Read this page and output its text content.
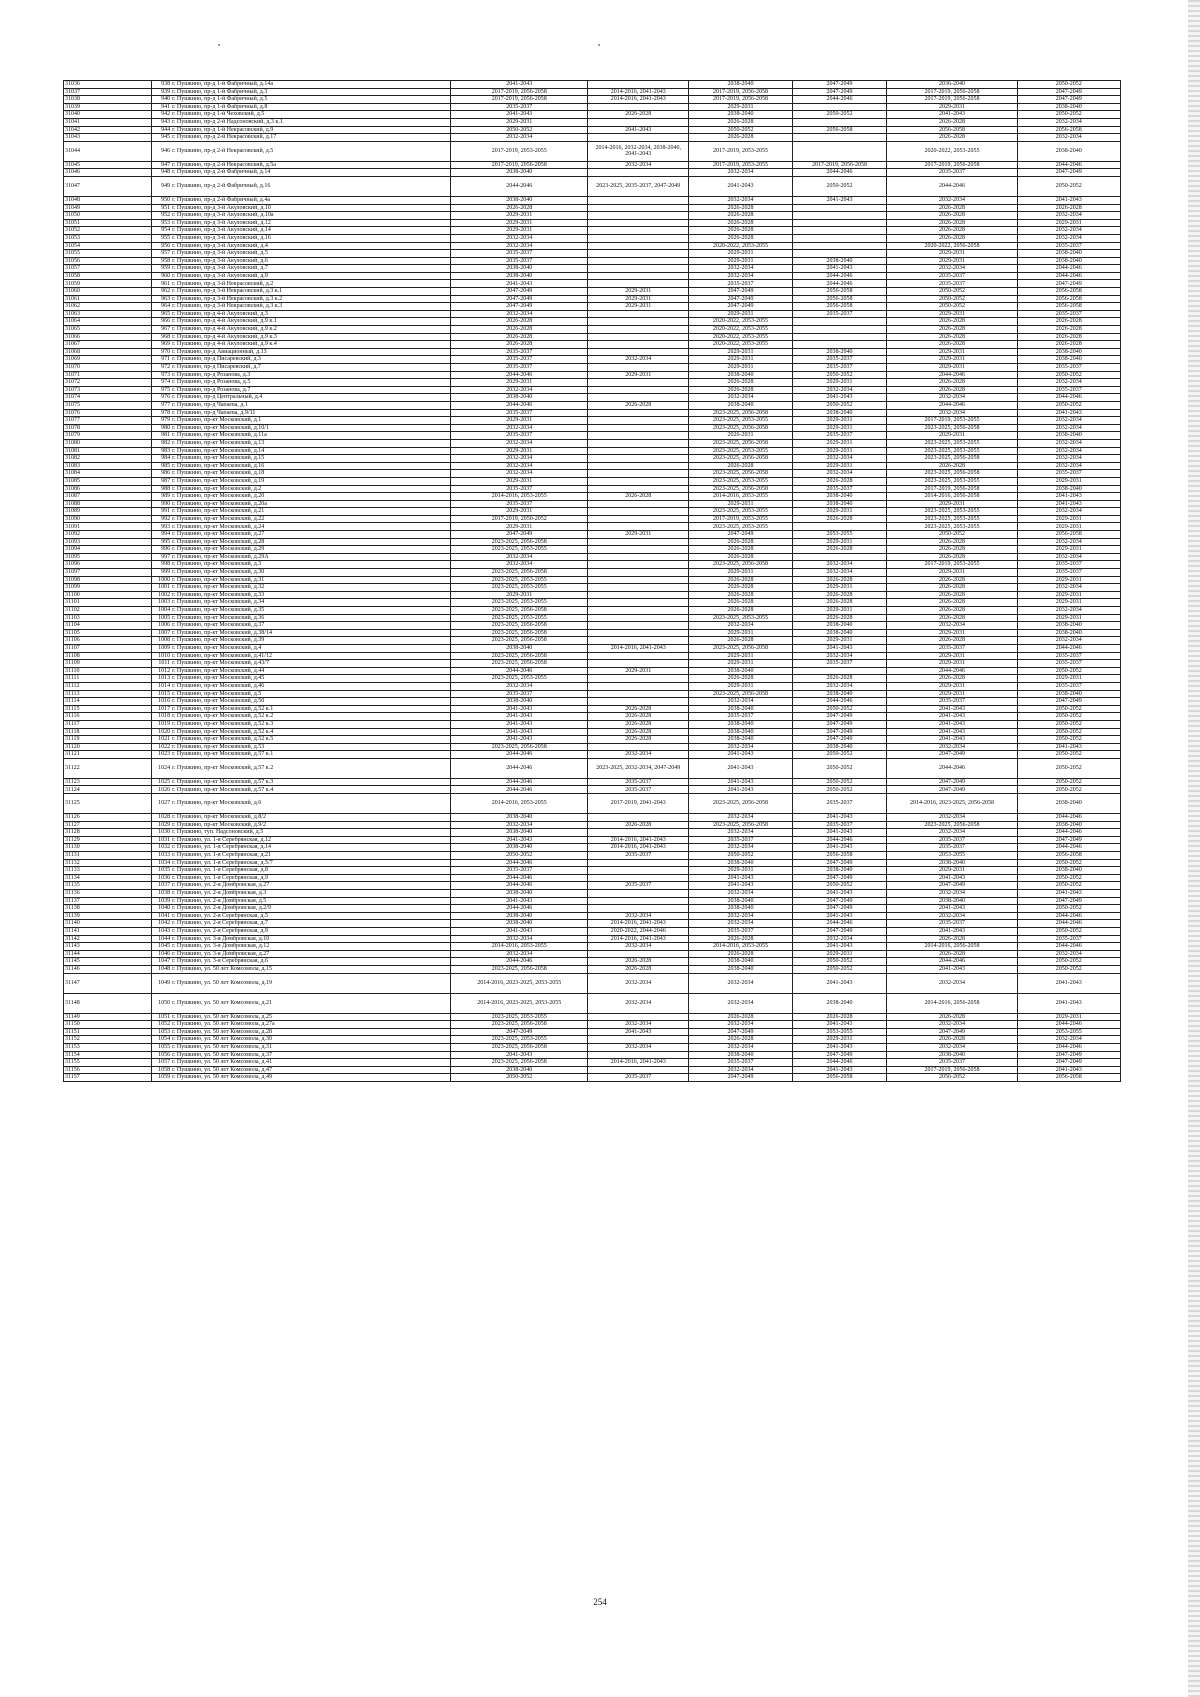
31036	938	г. Пушкино, пр-д 1-й Фабричный, д.14а	2041-2043		2038-2040	2047-2049	2036-2040	2050-2052
31037	939	г. Пушкино, пр-д 1-й Фабричный, д.3	2017-2019, 2056-2058	2014-2016, 2041-2043	2017-2019, 2056-2058	2047-2049	2017-2019, 2056-2058	2047-2049
31038	940	г. Пушкино, пр-д 1-й Фабричный, д.5	2017-2019, 2056-2058	2014-2016, 2041-2043	2017-2019, 2056-2058	2044-2046	2017-2019, 2056-2058	2047-2049
31039	941	г. Пушкино, пр-д 1-й Фабричный, д.8	2035-2037		2029-2031		2029-2031	2038-2040
31040	942	г. Пушкино, пр-д 1-й Чеховский, д.5	2041-2043	2026-2028	2038-2040	2050-2052	2041-2043	2050-2052
31041	943	г. Пушкино, пр-д 2-й Надсоновский, д.3 к.1	2029-2031		2026-2028		2026-2028	2032-2034
31042	944	г. Пушкино, пр-д 1-й Некрасовский, д.9	2050-2052	2041-2043	2050-2052	2056-2058	2056-2058	2056-2058
31043	945	г. Пушкино, пр-д 2-й Некрасовский, д.17	2032-2034		2026-2028		2026-2028	2032-2034
31044	946	г. Пушкино, пр-д 2-й Некрасовский, д.5	2017-2019, 2053-2055	2014-2016, 2032-2034, 2038-2040, 2041-2043	2017-2019, 2053-2055		2020-2022, 2053-2055	2038-2040
31045	947	г. Пушкино, пр-д 2-й Некрасовский, д.5а	2017-2019, 2056-2058	2032-2034	2017-2019, 2053-2055	2017-2019, 2056-2058	2017-2019, 2056-2058	2044-2046
31046	948	г. Пушкино, пр-д 2-й Фабричный, д.14	2038-2040		2032-2034	2044-2046	2035-2037	2047-2049
31047	949	г. Пушкино, пр-д 2-й Фабричный, д.16	2044-2046	2023-2025, 2035-2037, 2047-2049	2041-2043	2050-2052	2044-2046	2050-2052
31048	950	г. Пушкино, пр-д 2-й Фабричный, д.4а	2038-2040		2032-2034	2041-2043	2032-2034	2041-2043
31049	951	г. Пушкино, пр-д 3-й Акуловский, д.10	2026-2028		2026-2028		2026-2028	2026-2028
31050	952	г. Пушкино, пр-д 3-й Акуловский, д.10а	2029-2031		2026-2028		2026-2028	2032-2034
31051	953	г. Пушкино, пр-д 3-й Акуловский, д.12	2029-2031		2026-2028		2026-2028	2029-2031
31052	954	г. Пушкино, пр-д 3-й Акуловский, д.14	2029-2031		2026-2028		2026-2028	2032-2034
31053	955	г. Пушкино, пр-д 3-й Акуловский, д.16	2032-2034		2026-2028		2026-2028	2032-2034
31054	956	г. Пушкино, пр-д 3-й Акуловский, д.4	2032-2034		2020-2022, 2053-2055		2020-2022, 2056-2058	2035-2037
31055	957	г. Пушкино, пр-д 3-й Акуловский, д.5	2035-2037		2029-2031		2029-2031	2038-2040
31056	958	г. Пушкино, пр-д 3-й Акуловский, д.6	2035-2037		2029-2031	2038-2040	2029-2031	2038-2040
31057	959	г. Пушкино, пр-д 3-й Акуловский, д.7	2038-2040		2032-2034	2041-2043	2032-2034	2044-2046
31058	960	г. Пушкино, пр-д 3-й Акуловский, д.9	2038-2040		2032-2034	2044-2046	2035-2037	2044-2046
31059	961	г. Пушкино, пр-д 3-й Некрасовский, д.2	2041-2043		2035-2037	2044-2046	2035-2037	2047-2049
31060	962	г. Пушкино, пр-д 3-й Некрасовский, д.3 к.1	2047-2049	2029-2031	2047-2049	2056-2058	2050-2052	2056-2058
31061	963	г. Пушкино, пр-д 3-й Некрасовский, д.3 к.2	2047-2049	2029-2031	2047-2049	2056-2058	2050-2052	2056-2058
31062	964	г. Пушкино, пр-д 3-й Некрасовский, д.3 к.3	2047-2049	2029-2031	2047-2049	2056-2058	2050-2052	2056-2058
31063	965	г. Пушкино, пр-д 4-й Акуловский, д.3	2032-2034		2029-2031	2035-2037	2029-2031	2035-2037
31064	966	г. Пушкино, пр-д 4-й Акуловский, д.9 к.1	2026-2028		2020-2022, 2053-2055		2026-2028	2026-2028
31065	967	г. Пушкино, пр-д 4-й Акуловский, д.9 к.2	2026-2028		2020-2022, 2053-2055		2026-2028	2026-2028
31066	968	г. Пушкино, пр-д 4-й Акуловский, д.9 к.3	2026-2028		2020-2022, 2053-2055		2026-2028	2026-2028
31067	969	г. Пушкино, пр-д 4-й Акуловский, д.9 к.4	2026-2028		2020-2022, 2053-2055		2026-2028	2026-2028
31068	970	г. Пушкино, пр-д Авиационный, д.13	2035-2037		2029-2031	2038-2040	2029-2031	2038-2040
31069	971	г. Пушкино, пр-д Писаревский, д.3	2035-2037	2032-2034	2029-2031	2035-2037	2029-2031	2038-2040
31070	972	г. Пушкино, пр-д Писаревский, д.7	2035-2037		2029-2031	2035-2037	2029-2031	2035-2037
31071	973	г. Пушкино, пр-д Розанова, д.3	2044-2046	2029-2031	2038-2040	2050-2052	2044-2046	2050-2052
31072	974	г. Пушкино, пр-д Розанова, д.5	2029-2031		2026-2028	2029-2031	2026-2028	2032-2034
31073	975	г. Пушкино, пр-д Розанова, д.7	2032-2034		2026-2028	2032-2034	2026-2028	2035-2037
31074	976	г. Пушкино, пр-д Центральный, д.4	2038-2040		2032-2034	2041-2043	2032-2034	2044-2046
31075	977	г. Пушкино, пр-д Чапаева, д.1	2044-2046	2026-2028	2038-2040	2050-2052	2044-2046	2050-2052
31076	978	г. Пушкино, пр-д Чапаева, д.9/11	2035-2037		2023-2025, 2056-2058	2038-2040	2032-2034	2041-2043
31077	979	г. Пушкино, пр-кт Московский, д.1	2029-2031		2023-2025, 2053-2055	2029-2031	2017-2019, 2053-2055	2032-2034
31078	980	г. Пушкино, пр-кт Московский, д.10/1	2032-2034		2023-2025, 2056-2058	2029-2031	2023-2025, 2056-2058	2032-2034
31079	981	г. Пушкино, пр-кт Московский, д.11а	2035-2037		2026-2031	2035-2037	2029-2031	2038-2040
31080	982	г. Пушкино, пр-кт Московский, д.13	2032-2034		2023-2025, 2056-2058	2029-2031	2023-2025, 2053-2055	2032-2034
31081	983	г. Пушкино, пр-кт Московский, д.14	2029-2031		2023-2025, 2053-2055	2029-2031	2023-2025, 2053-2055	2032-2034
31082	984	г. Пушкино, пр-кт Московский, д.15	2032-2034		2023-2025, 2056-2058	2032-2034	2023-2025, 2056-2058	2032-2034
31083	985	г. Пушкино, пр-кт Московский, д.16	2032-2034		2026-2028	2029-2031	2026-2028	2032-2034
31084	986	г. Пушкино, пр-кт Московский, д.18	2032-2034		2023-2025, 2056-2058	2032-2034	2023-2025, 2056-2058	2035-2037
31085	987	г. Пушкино, пр-кт Московский, д.19	2029-2031		2023-2025, 2053-2055	2026-2028	2023-2025, 2053-2055	2029-2031
31086	988	г. Пушкино, пр-кт Московский, д.2	2035-2037		2023-2025, 2056-2058	2035-2037	2017-2019, 2056-2058	2038-2040
31087	989	г. Пушкино, пр-кт Московский, д.20	2014-2016, 2053-2055	2026-2028	2014-2016, 2053-2055	2038-2040	2014-2016, 2056-2058	2041-2043
31088	990	г. Пушкино, пр-кт Московский, д.20а	2035-2037		2029-2031	2038-2040	2029-2031	2041-2043
31089	991	г. Пушкино, пр-кт Московский, д.21	2029-2031		2023-2025, 2053-2055	2029-2031	2023-2025, 2053-2055	2032-2034
31090	992	г. Пушкино, пр-кт Московский, д.22	2017-2019, 2050-2052		2017-2019, 2053-2055	2026-2028	2023-2025, 2053-2055	2029-2031
31091	993	г. Пушкино, пр-кт Московский, д.24	2029-2031		2023-2025, 2053-2055		2023-2025, 2053-2055	2029-2031
31092	994	г. Пушкино, пр-кт Московский, д.27	2047-2049	2029-2031	2047-2049	2053-2055	2050-2052	2056-2058
31093	995	г. Пушкино, пр-кт Московский, д.28	2023-2025, 2056-2058		2026-2028	2029-2031	2026-2028	2032-2034
31094	996	г. Пушкино, пр-кт Московский, д.29	2023-2025, 2053-2055		2026-2028	2026-2028	2026-2028	2029-2031
31095	997	г. Пушкино, пр-кт Московский, д.29А	2032-2034		2026-2028		2026-2028	2032-2034
31096	998	г. Пушкино, пр-кт Московский, д.3	2032-2034		2023-2025, 2056-2058	2032-2034	2017-2019, 2053-2055	2035-2037
31097	999	г. Пушкино, пр-кт Московский, д.30	2023-2025, 2056-2058		2029-2031	2032-2034	2029-2031	2035-2037
31098	1000	г. Пушкино, пр-кт Московский, д.31	2023-2025, 2053-2055		2026-2028	2026-2028	2026-2028	2029-2031
31099	1001	г. Пушкино, пр-кт Московский, д.32	2023-2025, 2053-2055		2026-2028	2029-2031	2026-2028	2032-2034
31100	1002	г. Пушкино, пр-кт Московский, д.33	2029-2031		2026-2028	2026-2028	2026-2028	2029-2031
31101	1003	г. Пушкино, пр-кт Московский, д.34	2023-2025, 2053-2055		2026-2028	2026-2028	2026-2028	2029-2031
31102	1004	г. Пушкино, пр-кт Московский, д.35	2023-2025, 2056-2058		2026-2028	2029-2031	2026-2028	2032-2034
31103	1005	г. Пушкино, пр-кт Московский, д.36	2023-2025, 2053-2055		2023-2025, 2053-2055	2026-2028	2026-2028	2029-2031
31104	1006	г. Пушкино, пр-кт Московский, д.37	2023-2025, 2056-2058		2032-2034	2038-2040	2032-2034	2038-2040
31105	1007	г. Пушкино, пр-кт Московский, д.38/14	2023-2025, 2056-2058		2029-2031	2038-2040	2029-2031	2038-2040
31106	1008	г. Пушкино, пр-кт Московский, д.39	2023-2025, 2056-2058		2026-2028	2029-2031	2026-2028	2032-2034
31107	1009	г. Пушкино, пр-кт Московский, д.4	2038-2040	2014-2016, 2041-2043	2023-2025, 2056-2058	2041-2043	2035-2037	2044-2046
31108	1010	г. Пушкино, пр-кт Московский, д.41/12	2023-2025, 2056-2058		2029-2031	2032-2034	2029-2031	2035-2037
31109	1011	г. Пушкино, пр-кт Московский, д.43/7	2023-2025, 2056-2058		2029-2031	2035-2037	2029-2031	2035-2037
31110	1012	г. Пушкино, пр-кт Московский, д.44	2044-2046	2029-2031	2038-2040		2044-2046	2050-2052
31111	1013	г. Пушкино, пр-кт Московский, д.45	2023-2025, 2053-2055		2026-2028	2026-2028	2026-2028	2029-2031
31112	1014	г. Пушкино, пр-кт Московский, д.46	2032-2034		2029-2031	2032-2034	2029-2031	2035-2037
31113	1015	г. Пушкино, пр-кт Московский, д.5	2035-2037		2023-2025, 2056-2058	2038-2040	2029-2031	2038-2040
31114	1016	г. Пушкино, пр-кт Московский, д.50	2038-2040		2032-2034	2044-2046	2035-2037	2047-2049
31115	1017	г. Пушкино, пр-кт Московский, д.52 к.1	2041-2043	2026-2028	2038-2040	2050-2052	2041-2043	2050-2052
31116	1018	г. Пушкино, пр-кт Московский, д.52 к.2	2041-2043	2026-2028	2035-2037	2047-2049	2041-2043	2050-2052
31117	1019	г. Пушкино, пр-кт Московский, д.52 к.3	2041-2043	2026-2028	2038-2040	2047-2049	2041-2043	2050-2052
31118	1020	г. Пушкино, пр-кт Московский, д.52 к.4	2041-2043	2026-2028	2038-2040	2047-2049	2041-2043	2050-2052
31119	1021	г. Пушкино, пр-кт Московский, д.52 к.5	2041-2043	2026-2028	2038-2040	2047-2049	2041-2043	2050-2052
31120	1022	г. Пушкино, пр-кт Московский, д.53	2023-2025, 2056-2058		2032-2034	2038-2040	2032-2034	2041-2043
31121	1023	г. Пушкино, пр-кт Московский, д.57 к.1	2044-2046	2032-2034	2041-2043	2050-2052	2047-2049	2050-2052
31122	1024	г. Пушкино, пр-кт Московский, д.57 к.2	2044-2046	2023-2025, 2032-2034, 2047-2049	2041-2043	2050-2052	2044-2046	2050-2052
31123	1025	г. Пушкино, пр-кт Московский, д.57 к.3	2044-2046	2035-2037	2041-2043	2050-2052	2047-2049	2050-2052
31124	1026	г. Пушкино, пр-кт Московский, д.57 к.4	2044-2046	2035-2037	2041-2043	2050-2052	2047-2049	2050-2052
31125	1027	г. Пушкино, пр-кт Московский, д.6	2014-2016, 2053-2055	2017-2019, 2041-2043	2023-2025, 2056-2058	2035-2037	2014-2016, 2023-2025, 2056-2058	2038-2040
31126	1028	г. Пушкино, пр-кт Московский, д.8/2	2038-2040		2032-2034	2041-2043	2032-2034	2044-2046
31127	1029	г. Пушкино, пр-кт Московский, д.9/2	2032-2034	2026-2028	2023-2025, 2056-2058	2035-2037	2023-2025, 2056-2058	2038-2040
31128	1030	г. Пушкино, туп. Надсоновский, д.5	2038-2040		2032-2034	2041-2043	2032-2034	2044-2046
31129	1031	г. Пушкино, ул. 1-я Серебрянская, д.12	2041-2043	2014-2016, 2041-2043	2035-2037	2044-2046	2035-2037	2047-2049
31130	1032	г. Пушкино, ул. 1-я Серебрянская, д.14	2038-2040	2014-2016, 2041-2043	2032-2034	2041-2043	2035-2037	2044-2046
31131	1033	г. Пушкино, ул. 1-я Серебрянская, д.21	2050-2052	2035-2037	2050-2052	2056-2058	2053-2055	2056-2058
31132	1034	г. Пушкино, ул. 1-я Серебрянская, д.5/7	2044-2046		2038-2040	2047-2049	2038-2040	2050-2052
31133	1035	г. Пушкино, ул. 1-я Серебрянская, д.8	2035-2037		2029-2031	2038-2040	2029-2031	2038-2040
31134	1036	г. Пушкино, ул. 1-я Серебрянская, д.9	2044-2046		2041-2043	2047-2049	2041-2043	2050-2052
31135	1037	г. Пушкино, ул. 2-я Домбровская, д.27	2044-2046	2035-2037	2041-2043	2050-2052	2047-2049	2050-2052
31136	1038	г. Пушкино, ул. 2-я Домбровская, д.3	2038-2040		2032-2034	2041-2043	2032-2034	2041-2043
31137	1039	г. Пушкино, ул. 2-я Домбровская, д.5	2041-2043		2038-2040	2047-2049	2038-2040	2047-2049
31138	1040	г. Пушкино, ул. 2-я Домбровская, д.2/9	2044-2046		2038-2040	2047-2049	2041-2043	2050-2052
31139	1041	г. Пушкино, ул. 2-я Серебрянская, д.5	2038-2040	2032-2034	2032-2034	2041-2043	2032-2034	2044-2046
31140	1042	г. Пушкино, ул. 2-я Серебрянская, д.7	2038-2040	2014-2016, 2041-2043	2032-2034	2044-2046	2035-2037	2044-2046
31141	1043	г. Пушкино, ул. 2-я Серебрянская, д.9	2041-2043	2020-2022, 2044-2046	2035-2037	2047-2049	2041-2043	2050-2052
31142	1044	г. Пушкино, ул. 3-я Домбровская, д.10	2032-2034	2014-2016, 2041-2043	2026-2028	2032-2034	2026-2028	2035-2037
31143	1045	г. Пушкино, ул. 3-я Домбровская, д.12	2014-2016, 2053-2055	2032-2034	2014-2016, 2053-2055	2041-2043	2014-2016, 2056-2058	2044-2046
31144	1046	г. Пушкино, ул. 3-я Домбровская, д.27	2032-2034		2026-2028	2029-2031	2026-2028	2032-2034
31145	1047	г. Пушкино, ул. 3-я Серебрянская, д.6	2044-2046	2026-2028	2038-2040	2050-2052	2044-2046	2050-2052
31146	1048	г. Пушкино, ул. 50 лет Комсомола, д.15	2023-2025, 2056-2058	2026-2028	2038-2040	2050-2052	2041-2043	2050-2052
31147	1049	г. Пушкино, ул. 50 лет Комсомола, д.19	2014-2016, 2023-2025, 2053-2055	2032-2034	2032-2034	2041-2043	2032-2034	2041-2043
31148	1050	г. Пушкино, ул. 50 лет Комсомола, д.21	2014-2016, 2023-2025, 2053-2055	2032-2034	2032-2034	2038-2040	2014-2016, 2056-2058	2041-2043
31149	1051	г. Пушкино, ул. 50 лет Комсомола, д.25	2023-2025, 2053-2055		2026-2028	2026-2028	2026-2028	2029-2031
31150	1052	г. Пушкино, ул. 50 лет Комсомола, д.27а	2023-2025, 2056-2058	2032-2034	2032-2034	2041-2043	2032-2034	2044-2046
31151	1053	г. Пушкино, ул. 50 лет Комсомола, д.28	2047-2049	2041-2043	2047-2049	2053-2055	2047-2049	2053-2055
31152	1054	г. Пушкино, ул. 50 лет Комсомола, д.30	2023-2025, 2053-2055		2026-2028	2029-2031	2026-2028	2032-2034
31153	1055	г. Пушкино, ул. 50 лет Комсомола, д.31	2023-2025, 2056-2058	2032-2034	2032-2034	2041-2043	2032-2034	2044-2046
31154	1056	г. Пушкино, ул. 50 лет Комсомола, д.37	2041-2043		2038-2040	2047-2049	2038-2040	2047-2049
31155	1057	г. Пушкино, ул. 50 лет Комсомола, д.41	2023-2025, 2056-2058	2014-2016, 2041-2043	2035-2037	2044-2046	2035-2037	2047-2049
31156	1058	г. Пушкино, ул. 50 лет Комсомола, д.47	2038-2040		2032-2034	2041-2043	2017-2019, 2056-2058	2041-2043
31157	1059	г. Пушкино, ул. 50 лет Комсомола, д.49	2050-2052	2035-2037	2047-2049	2056-2058	2056-2052	2056-2058
254
